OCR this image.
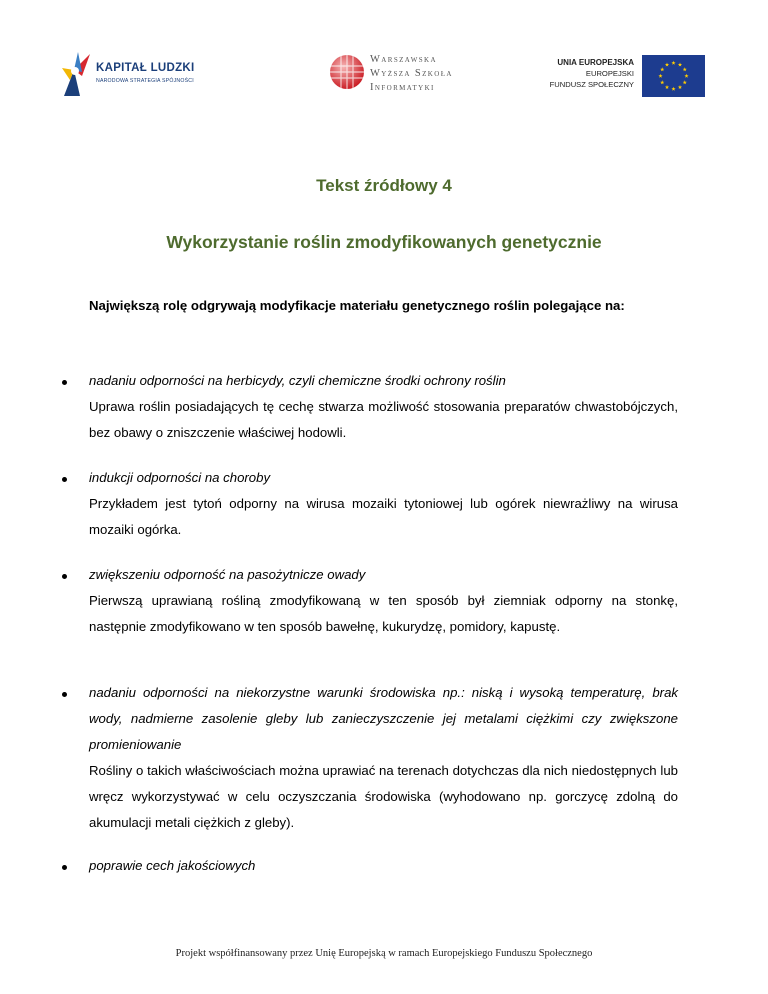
KAPITAŁ LUDZKI
NARODOWA STRATEGIA SPÓJNOŚCI
Warszawska
Wyższa Szkoła
Informatyki
UNIA EUROPEJSKA
EUROPEJSKI
FUNDUSZ SPOŁECZNY
Tekst źródłowy 4
Wykorzystanie roślin zmodyfikowanych genetycznie
Największą rolę odgrywają modyfikacje materiału genetycznego roślin polegające na:
nadaniu odporności na herbicydy, czyli chemiczne środki ochrony roślin
Uprawa roślin posiadających tę cechę stwarza możliwość stosowania preparatów chwastobójczych, bez obawy o zniszczenie właściwej hodowli.
indukcji odporności na choroby
Przykładem jest tytoń odporny na wirusa mozaiki tytoniowej lub ogórek niewrażliwy na wirusa mozaiki ogórka.
zwiększeniu odporność na pasożytnicze owady
Pierwszą uprawianą rośliną zmodyfikowaną w ten sposób był ziemniak odporny na stonkę, następnie zmodyfikowano w ten sposób bawełnę, kukurydzę, pomidory, kapustę.
nadaniu odporności na niekorzystne warunki środowiska np.: niską i wysoką temperaturę, brak wody, nadmierne zasolenie gleby lub zanieczyszczenie jej metalami ciężkimi czy zwiększone promieniowanie
Rośliny o takich właściwościach można uprawiać na terenach dotychczas dla nich niedostępnych lub wręcz wykorzystywać w celu oczyszczania środowiska (wyhodowano np. gorczycę zdolną do akumulacji metali ciężkich z gleby).
poprawie cech jakościowych
Projekt współfinansowany przez Unię Europejską w ramach Europejskiego Funduszu Społecznego
